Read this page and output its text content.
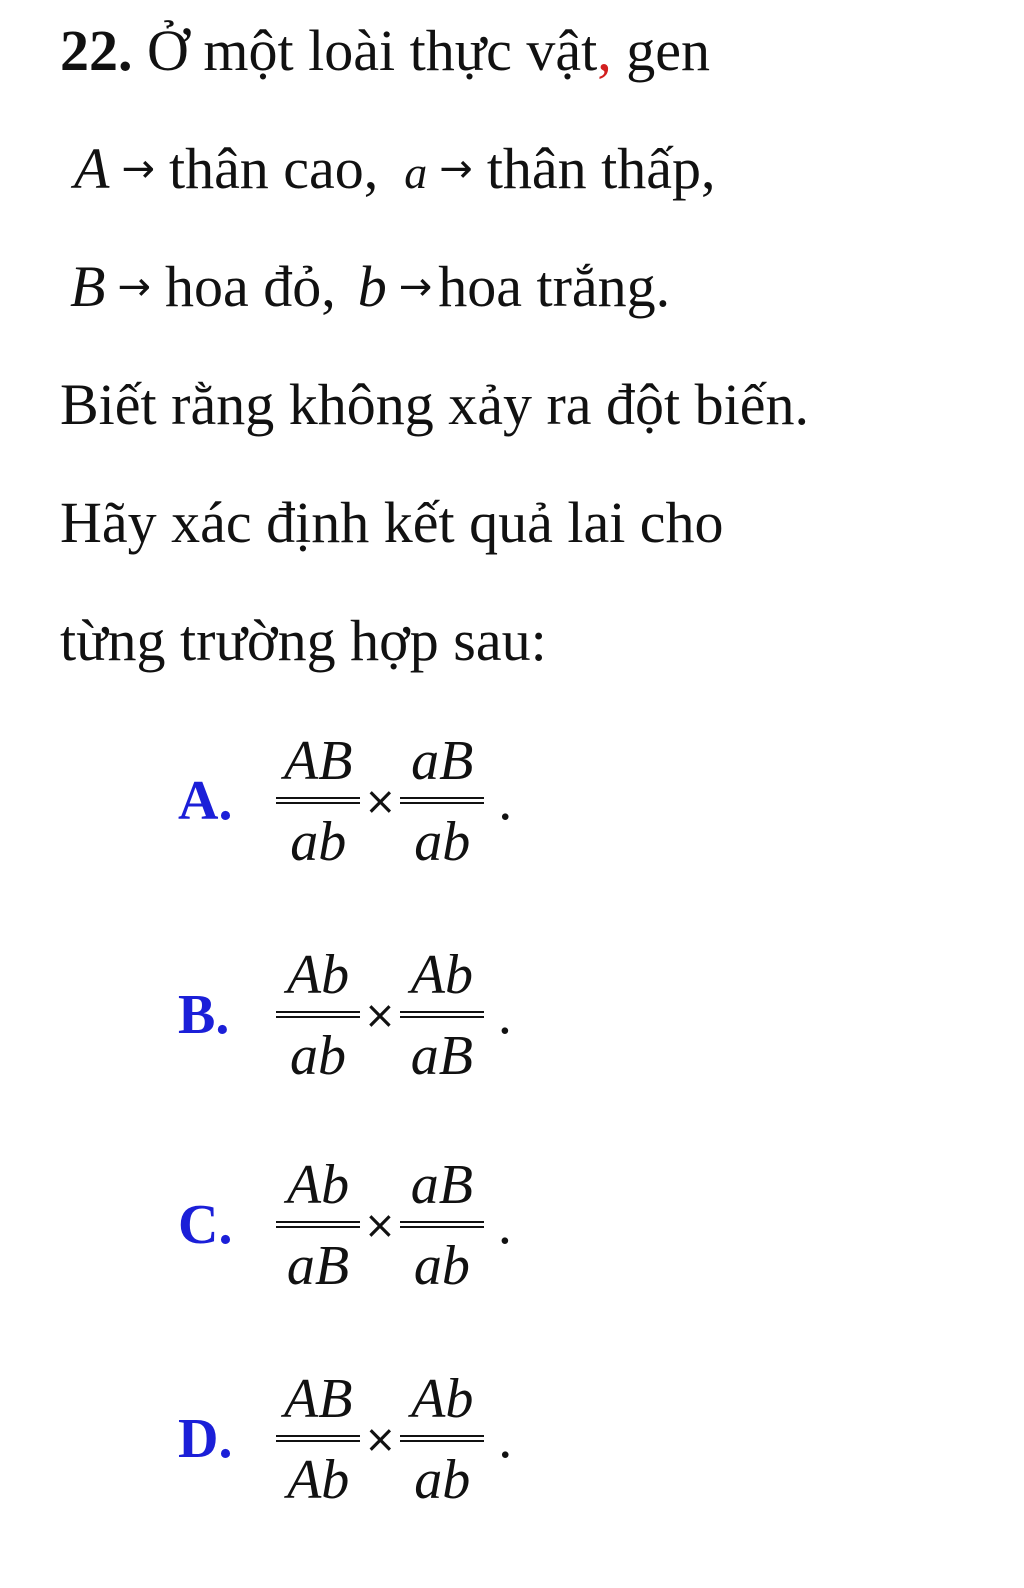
22. Ở một loài thực vật, gen
A → thân cao, a → thân thấp,
B → hoa đỏ, b → hoa trắng.
Biết rằng không xảy ra đột biến.
Hãy xác định kết quả lai cho
từng trường hợp sau:
A.
AB
ab
×
aB
ab
.
B.
Ab
ab
×
Ab
aB
.
C.
Ab
aB
×
aB
ab
.
D.
AB
Ab
×
Ab
ab
.
